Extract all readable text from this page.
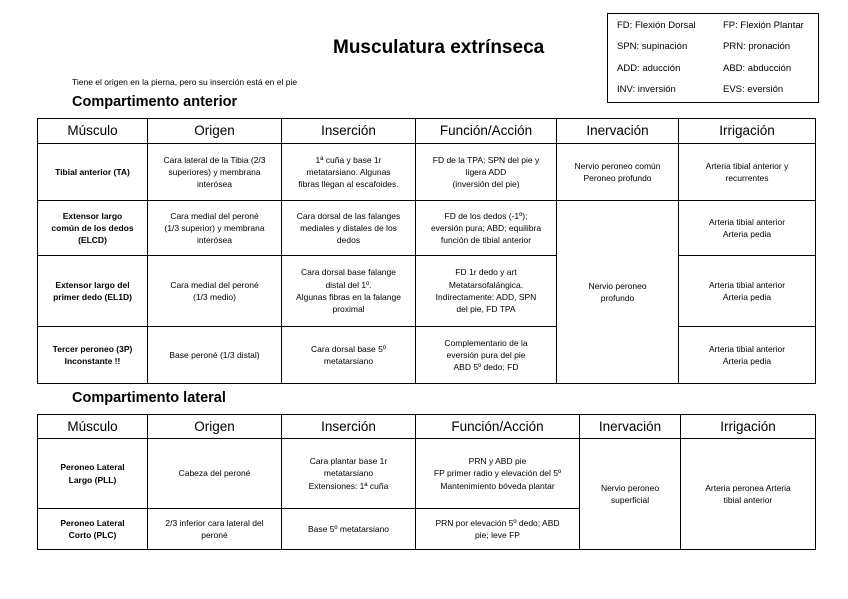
FD: Flexión Dorsal	FP: Flexión Plantar
SPN: supinación	PRN: pronación
ADD: aducción	ABD: abducción
INV: inversión	EVS: eversión
Musculatura extrínseca
Tiene el origen en la pierna, pero su inserción está en el pie
Compartimento anterior
Músculo	Origen	Inserción	Función/Acción	Inervación	Irrigación

Tibial anterior (TA)	Cara lateral de la Tibia (2/3
superiores) y membrana
interósea	1ª cuña y base 1r
metatarsiano. Algunas
fibras llegan al escafoides.	FD de la TPA; SPN del pie y
ligera ADD
(inversión del pie)	Nervio peroneo común
Peroneo profundo	Arteria tibial anterior y
recurrentes

Extensor largo
común de los dedos
(ELCD)	Cara medial del peroné
(1/3 superior) y membrana
interósea	Cara dorsal de las falanges
mediales y distales de los
dedos	FD de los dedos (-1º);
eversión pura; ABD; equilibra
función de tibial anterior	Nervio peroneo
profundo	Arteria tibial anterior
Arteria pedia

Extensor largo del
primer dedo (EL1D)	Cara medial del peroné
(1/3 medio)	Cara dorsal base falange
distal del 1º.
Algunas fibras en la falange
proximal	FD 1r dedo y art
Metatarsofalángica.
Indirectamente: ADD, SPN
del pie, FD TPA		Arteria tibial anterior
Arteria pedia

Tercer peroneo (3P)
Inconstante !!	Base peroné (1/3 distal)	Cara dorsal base 5º
metatarsiano	Complementario de la
eversión pura del pie
ABD 5º dedo; FD		Arteria tibial anterior
Arteria pedia
Compartimento lateral
Músculo	Origen	Inserción	Función/Acción	Inervación	Irrigación

Peroneo Lateral
Largo (PLL)	Cabeza del peroné	Cara plantar base 1r
metatarsiano
Extensiones: 1ª cuña	PRN y ABD pie
FP primer radio y elevación del 5º
Mantenimiento bóveda plantar	Nervio peroneo
superficial	Arteria peronea Arteria
tibial anterior

Peroneo Lateral
Corto (PLC)	2/3 inferior cara lateral del
peroné	Base 5º metatarsiano	PRN por elevación 5º dedo; ABD
pie; leve FP		
